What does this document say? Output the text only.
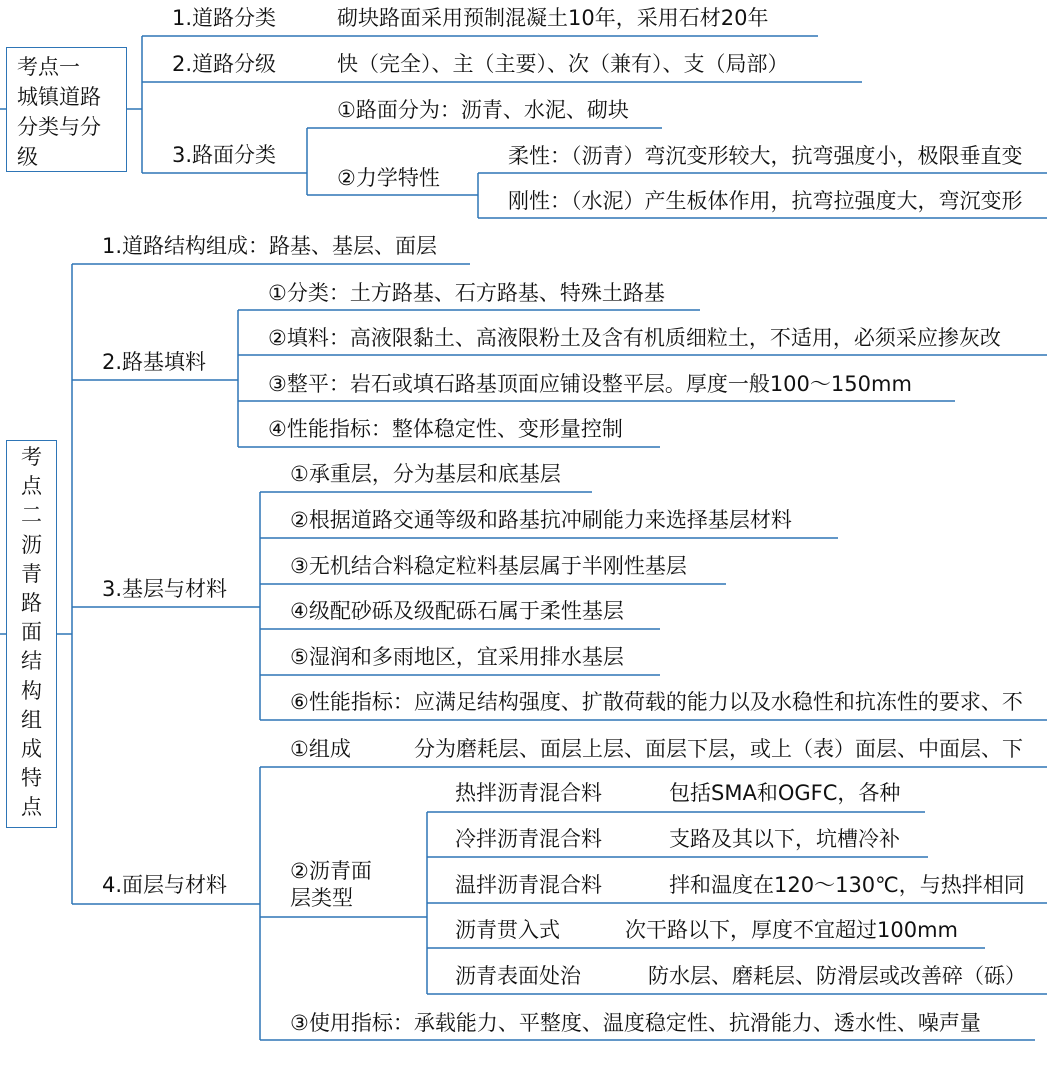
考点一
城镇道路
分类与分
级
1.道路分类	砌块路面采用预制混凝土10年，采用石材20年
2.道路分级	快（完全）、主（主要）、次（兼有）、支（局部）
3.路面分类
①路面分为：沥青、水泥、砌块
②力学特性
柔性：（沥青）弯沉变形较大，抗弯强度小，极限垂直变
刚性：（水泥）产生板体作用，抗弯拉强度大，弯沉变形
考
点
二
沥
青
路
面
结
构
组
成
特
点
1.道路结构组成：路基、基层、面层
2.路基填料
①分类：土方路基、石方路基、特殊土路基
②填料：高液限黏土、高液限粉土及含有机质细粒土，不适用，必须采应掺灰改
③整平：岩石或填石路基顶面应铺设整平层。厚度一般100～150mm
④性能指标：整体稳定性、变形量控制
3.基层与材料
①承重层，分为基层和底基层
②根据道路交通等级和路基抗冲刷能力来选择基层材料
③无机结合料稳定粒料基层属于半刚性基层
④级配砂砾及级配砾石属于柔性基层
⑤湿润和多雨地区，宜采用排水基层
⑥性能指标：应满足结构强度、扩散荷载的能力以及水稳性和抗冻性的要求、不
4.面层与材料
①组成	分为磨耗层、面层上层、面层下层，或上（表）面层、中面层、下
②沥青面
层类型
热拌沥青混合料	包括SMA和OGFC，各种
冷拌沥青混合料	支路及其以下，坑槽冷补
温拌沥青混合料	拌和温度在120～130℃，与热拌相同
沥青贯入式	次干路以下，厚度不宜超过100mm
沥青表面处治	防水层、磨耗层、防滑层或改善碎（砾）
③使用指标：承载能力、平整度、温度稳定性、抗滑能力、透水性、噪声量
